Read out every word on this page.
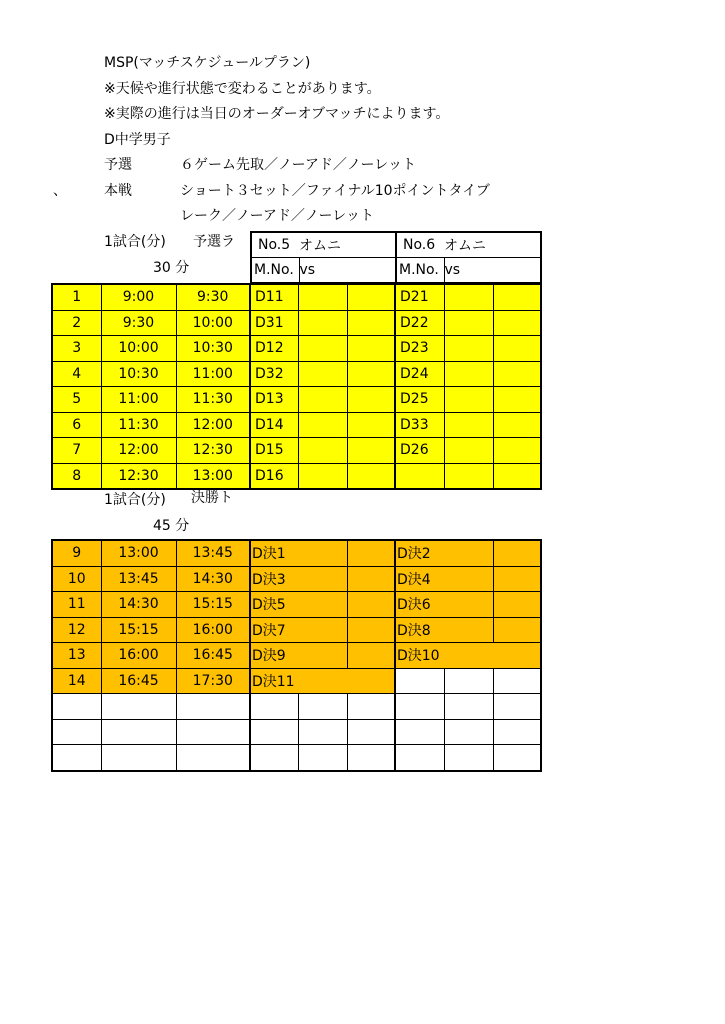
MSP(マッチスケジュールプラン)
※天候や進行状態で変わることがあります。
※実際の進行は当日のオーダーオブマッチによります。
D中学男子
予選	６ゲーム先取／ノーアド／ノーレット
、	本戦	ショート３セット／ファイナル10ポイントタイブ
レーク／ノーアド／ノーレット
1試合(分) 予選ラ
30 分
No.5	オムニ	No.6	オムニ
M.No.	vs	M.No.	vs
1	9:00	9:30	D11			D21		
2	9:30	10:00	D31			D22		
3	10:00	10:30	D12			D23		
4	10:30	11:00	D32			D24		
5	11:00	11:30	D13			D25		
6	11:30	12:00	D14			D33		
7	12:00	12:30	D15			D26		
8	12:30	13:00	D16					
1試合(分) 決勝ト
45 分
9	13:00	13:45	D決1			D決2		
10	13:45	14:30	D決3			D決4		
11	14:30	15:15	D決5			D決6		
12	15:15	16:00	D決7			D決8		
13	16:00	16:45	D決9			D決10		
14	16:45	17:30	D決11					
